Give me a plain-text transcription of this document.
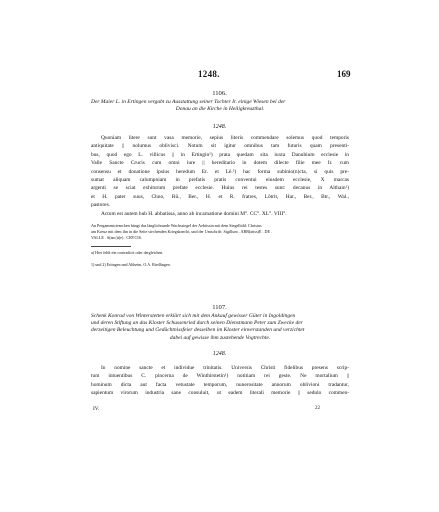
1248.	169
1106.
Der Maier L. in Ertingen vergabt zu Ausstattung seiner Tochter Ir. einige Wiesen bei der
Donau an die Kirche in Heiligkreuzthal.
1248.
Quoniam litere sunt vasa memorie, sepius literis commendare solemus quod temporis
antiquitate || nolumus oblivisci. Notum sit igitur omnibus tam futuris quam presenti-
bus, quod ego L. villicus || in Ertingin¹) prata quedam sita iuxta Danubium ecclesie in
Valle Sancte Crucis cum omni iure || hereditario in dotem dilecte filie mee Ir. cum
consensu et donatione ipsius heredum Er. et Lê.²) hac forma subinio(n)cta, si quis pre-
sumat aliquam calumpniam in prefatis pratis conventui eiusdem ecclesie, X marcas
argenti se sciat exhiturum prefate ecclesie. Huius rei testes sunt: decanus in Althain¹)
et H. pater suus, Chno, Rû., Ber., H. et R. fratres, Lôtrit, Har., Ber., Btr., Wal.,
pastores.
Actum est autem hub H. abbatissa, anno ab incarnatione domini M°. CC°. XL°. VIII°.
An Pergamentriemchen hängt das länglichrunde Wachssiegel der Aebtissin mit dem Siegelbild: Christus
am Kreuz mit dem ihn in die Seite stechenden Kriegsknecht, und der Umschrift: Sigillum . ABB(atiss)E . DE .
VALLE . S(anc)t(e) . CRVCIS.
a) Hier fehlt ein contradicit oder dergleichen.
1) und 2) Ertingen und Altheim, O.A. Riedlingen.
1107.
Schenk Konrad von Winterstetten erklärt sich mit dem Ankauf gewisser Güter in Ingoldingen
und deren Stiftung an das Kloster Schussenried durch seinen Dienstmann Peter zum Zwecke der
derzeitigen Beleuchtung und Gedächtnissfeier desselben im Kloster einverstanden und verzichtet
dabei auf gewisse ihm zustehende Vogtrechte.
1248.
In nomine sancte et individue trinitatis. Universis Christi fidelibus presens scrip-
tum intuentibus C. pincerna de Winthirstetin¹) notitiam rei geste. Ne mortalium ||
hominum dicta aut facta vetustate temporum, nunerositate annorum oblivioni tradantur,
sapientum virorum industria sane consuluit, ut eadem literali memorie || sedulo commen-
IV.	22
